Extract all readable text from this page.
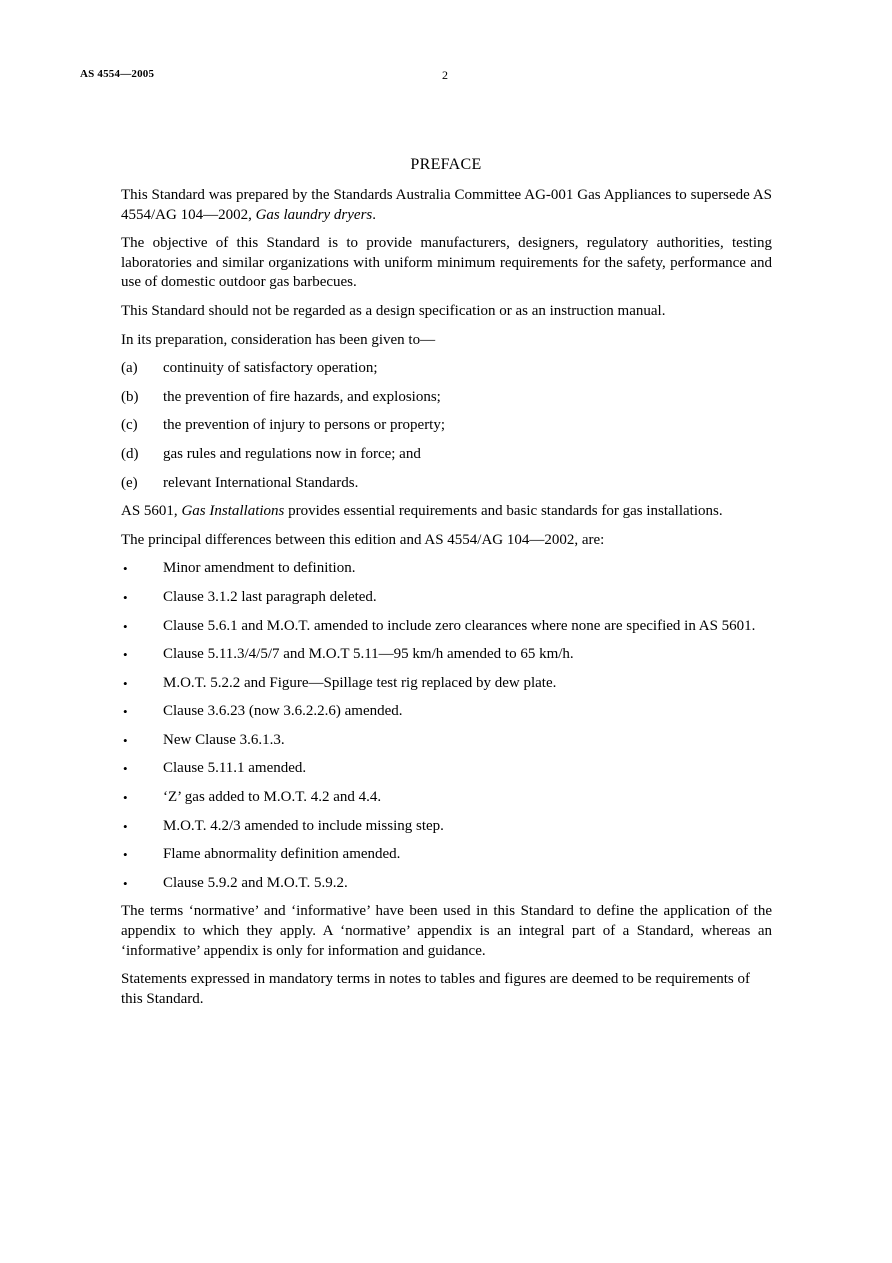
AS 4554—2005	2
PREFACE

This Standard was prepared by the Standards Australia Committee AG-001 Gas Appliances to supersede AS 4554/AG 104—2002, Gas laundry dryers.

The objective of this Standard is to provide manufacturers, designers, regulatory authorities, testing laboratories and similar organizations with uniform minimum requirements for the safety, performance and use of domestic outdoor gas barbecues.

This Standard should not be regarded as a design specification or as an instruction manual.

In its preparation, consideration has been given to—

(a) continuity of satisfactory operation;
(b) the prevention of fire hazards, and explosions;
(c) the prevention of injury to persons or property;
(d) gas rules and regulations now in force; and
(e) relevant International Standards.

AS 5601, Gas Installations provides essential requirements and basic standards for gas installations.

The principal differences between this edition and AS 4554/AG 104—2002, are:

• Minor amendment to definition.
• Clause 3.1.2 last paragraph deleted.
• Clause 5.6.1 and M.O.T. amended to include zero clearances where none are specified in AS 5601.
• Clause 5.11.3/4/5/7 and M.O.T 5.11—95 km/h amended to 65 km/h.
• M.O.T. 5.2.2 and Figure—Spillage test rig replaced by dew plate.
• Clause 3.6.23 (now 3.6.2.2.6) amended.
• New Clause 3.6.1.3.
• Clause 5.11.1 amended.
• ‘Z’ gas added to M.O.T. 4.2 and 4.4.
• M.O.T. 4.2/3 amended to include missing step.
• Flame abnormality definition amended.
• Clause 5.9.2 and M.O.T. 5.9.2.

The terms ‘normative’ and ‘informative’ have been used in this Standard to define the application of the appendix to which they apply. A ‘normative’ appendix is an integral part of a Standard, whereas an ‘informative’ appendix is only for information and guidance.

Statements expressed in mandatory terms in notes to tables and figures are deemed to be requirements of this Standard.
